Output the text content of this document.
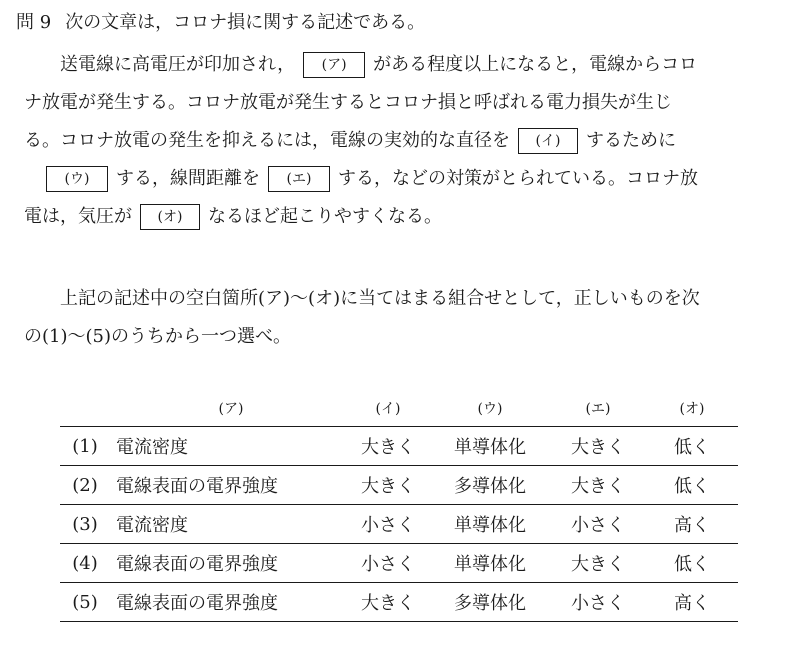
問 9 次の文章は，コロナ損に関する記述である。
送電線に高電圧が印加され， (ア) がある程度以上になると，電線からコロ
ナ放電が発生する。コロナ放電が発生するとコロナ損と呼ばれる電力損失が生じ
る。コロナ放電の発生を抑えるには，電線の実効的な直径を (イ) するために
(ウ) する，線間距離を (エ) する，などの対策がとられている。コロナ放
電は，気圧が (オ) なるほど起こりやすくなる。
上記の記述中の空白箇所(ア)～(オ)に当てはまる組合せとして，正しいものを次
の(1)～(5)のうちから一つ選べ。
	(ア)	(イ)	(ウ)	(エ)	(オ)
(1)	電流密度	大きく	単導体化	大きく	低く
(2)	電線表面の電界強度	大きく	多導体化	大きく	低く
(3)	電流密度	小さく	単導体化	小さく	高く
(4)	電線表面の電界強度	小さく	単導体化	大きく	低く
(5)	電線表面の電界強度	大きく	多導体化	小さく	高く
